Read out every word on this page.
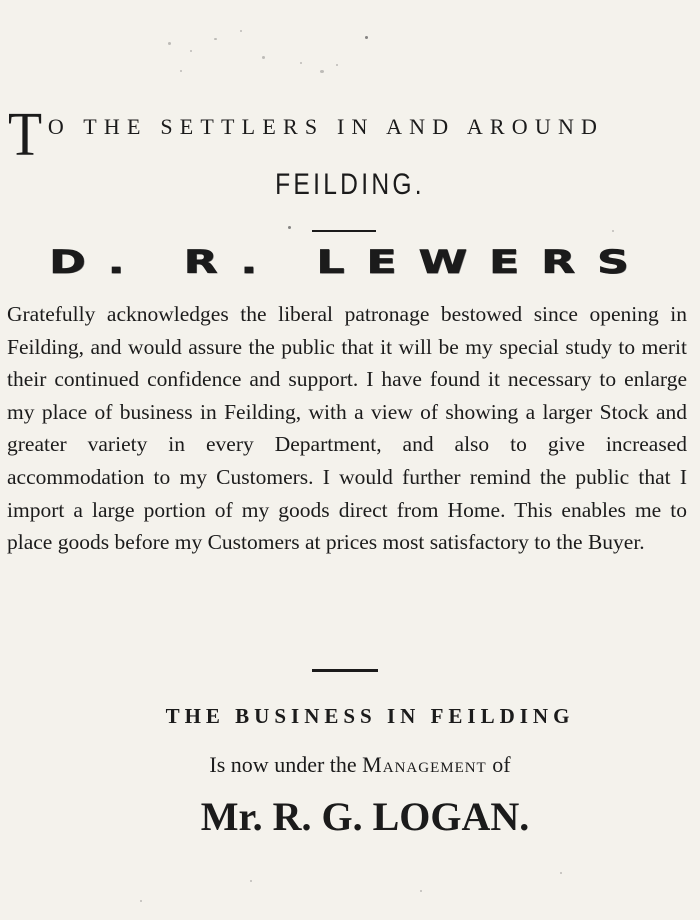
T O THE SETTLERS IN AND AROUND
FEILDING.
D. R. LEWERS
Gratefully acknowledges the liberal patronage bestowed since opening in Feilding, and would assure the public that it will be my special study to merit their continued confidence and support. I have found it necessary to enlarge my place of business in Feilding, with a view of showing a larger Stock and greater variety in every Department, and also to give increased accommodation to my Customers. I would further remind the public that I import a large portion of my goods direct from Home. This enables me to place goods before my Customers at prices most satisfactory to the Buyer.
THE BUSINESS IN FEILDING
Is now under the Management of
Mr. R. G. LOGAN.
